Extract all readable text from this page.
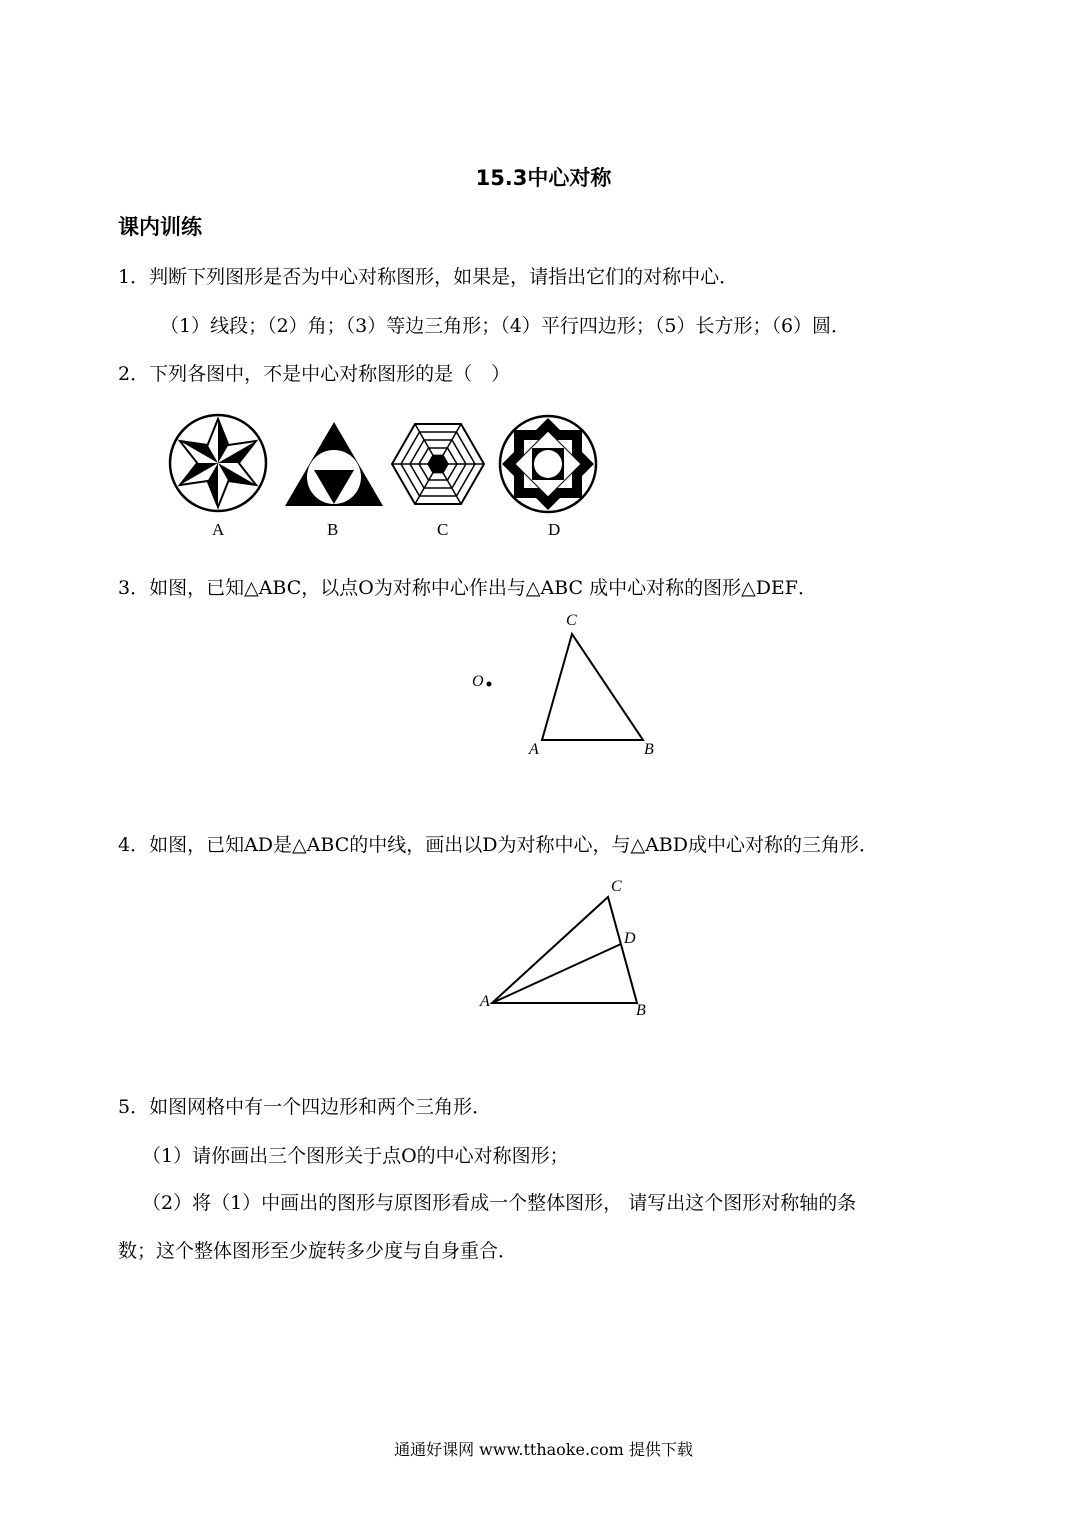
15.3中心对称
课内训练
1．判断下列图形是否为中心对称图形，如果是，请指出它们的对称中心．
（1）线段；（2）角；（3）等边三角形；（4）平行四边形；（5）长方形；（6）圆．
2．下列各图中，不是中心对称图形的是（　）
A	B	C	D
3．如图，已知△ABC，以点O为对称中心作出与△ABC 成中心对称的图形△DEF．
O
A	B
C
4．如图，已知AD是△ABC的中线，画出以D为对称中心，与△ABD成中心对称的三角形．
A
B
C
D
5．如图网格中有一个四边形和两个三角形．
（1）请你画出三个图形关于点O的中心对称图形；
（2）将（1）中画出的图形与原图形看成一个整体图形， 请写出这个图形对称轴的条
数；这个整体图形至少旋转多少度与自身重合．
通通好课网 www.tthaoke.com 提供下载
